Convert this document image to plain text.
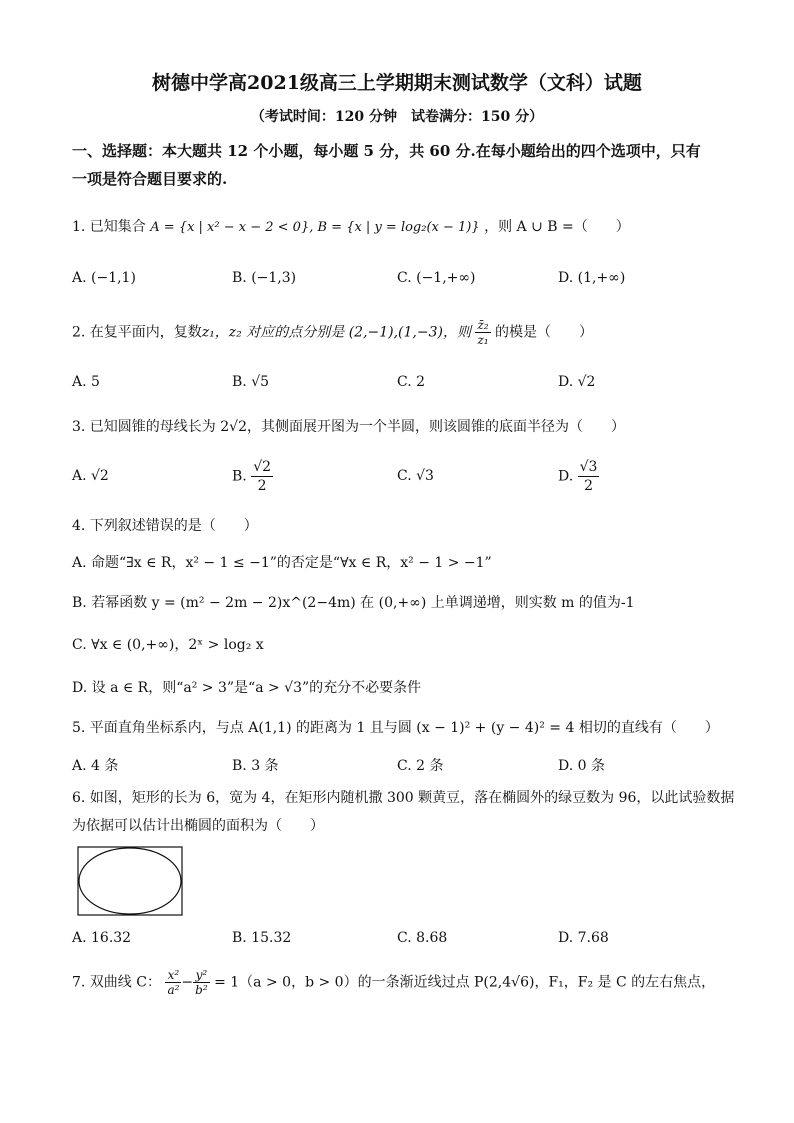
树德中学高2021级高三上学期期末测试数学（文科）试题
（考试时间：120 分钟　试卷满分：150 分）
一、选择题：本大题共 12 个小题，每小题 5 分，共 60 分.在每小题给出的四个选项中，只有
一项是符合题目要求的.
1. 已知集合 A = {x | x² − x − 2 < 0}, B = {x | y = log₂(x − 1)} ，则 A ∪ B =（　　）
A. (−1,1)	B. (−1,3)	C. (−1,+∞)	D. (1,+∞)
2. 在复平面内，复数z₁，z₂ 对应的点分别是 (2,−1),(1,−3)，则 $\frac{\text{z̄₂}}{\text{z₁}}$ 的模是（　　）
A. 5	B. √5	C. 2	D. √2
3. 已知圆锥的母线长为 2√2，其侧面展开图为一个半圆，则该圆锥的底面半径为（　　）
A. √2	B. $\frac{√2}{2}$	C. √3	D. $\frac{√3}{2}$
4. 下列叙述错误的是（　　）
A. 命题“∃x ∈ R，x² − 1 ≤ −1”的否定是“∀x ∈ R，x² − 1 > −1”
B. 若幂函数 y = (m² − 2m − 2)x^(2−4m) 在 (0,+∞) 上单调递增，则实数 m 的值为-1
C. ∀x ∈ (0,+∞)，2ˣ > log₂ x
D. 设 a ∈ R，则“a² > 3”是“a > √3”的充分不必要条件
5. 平面直角坐标系内，与点 A(1,1) 的距离为 1 且与圆 (x − 1)² + (y − 4)² = 4 相切的直线有（　　）
A. 4 条	B. 3 条	C. 2 条	D. 0 条
6. 如图，矩形的长为 6，宽为 4，在矩形内随机撒 300 颗黄豆，落在椭圆外的绿豆数为 96，以此试验数据
为依据可以估计出椭圆的面积为（　　）
A. 16.32	B. 15.32	C. 8.68	D. 7.68
7. 双曲线 C： $\frac{\text{x²}}{\text{a²}} - \frac{\text{y²}}{\text{b²}} = 1(a > 0$，b > 0）的一条渐近线过点 P(2,4√6)，F₁，F₂ 是 C 的左右焦点，
